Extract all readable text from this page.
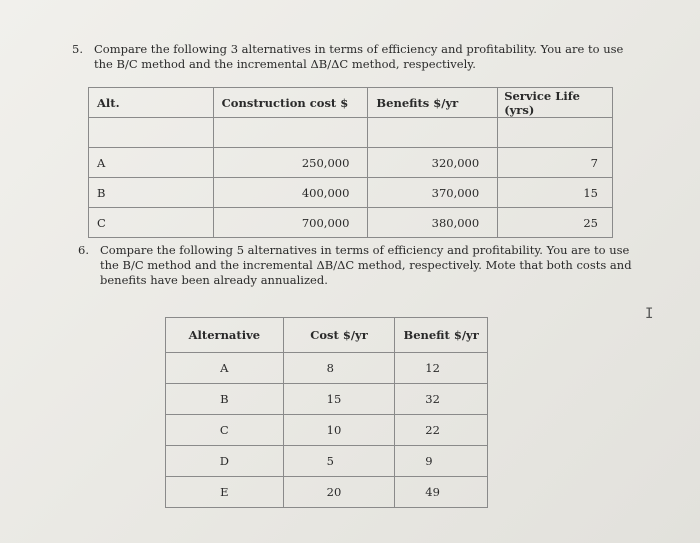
5. Compare the following 3 alternatives in terms of efficiency and profitability. You are to use the B/C method and the incremental ΔB/ΔC method, respectively.
Alt.	Construction cost $	Benefits $/yr	Service Life (yrs)

A	250,000	320,000	7
B	400,000	370,000	15
C	700,000	380,000	25
6. Compare the following 5 alternatives in terms of efficiency and profitability. You are to use the B/C method and the incremental ΔB/ΔC method, respectively. Mote that both costs and benefits have been already annualized.
Alternative	Cost $/yr	Benefit $/yr
A	8	12
B	15	32
C	10	22
D	5	9
E	20	49
I
